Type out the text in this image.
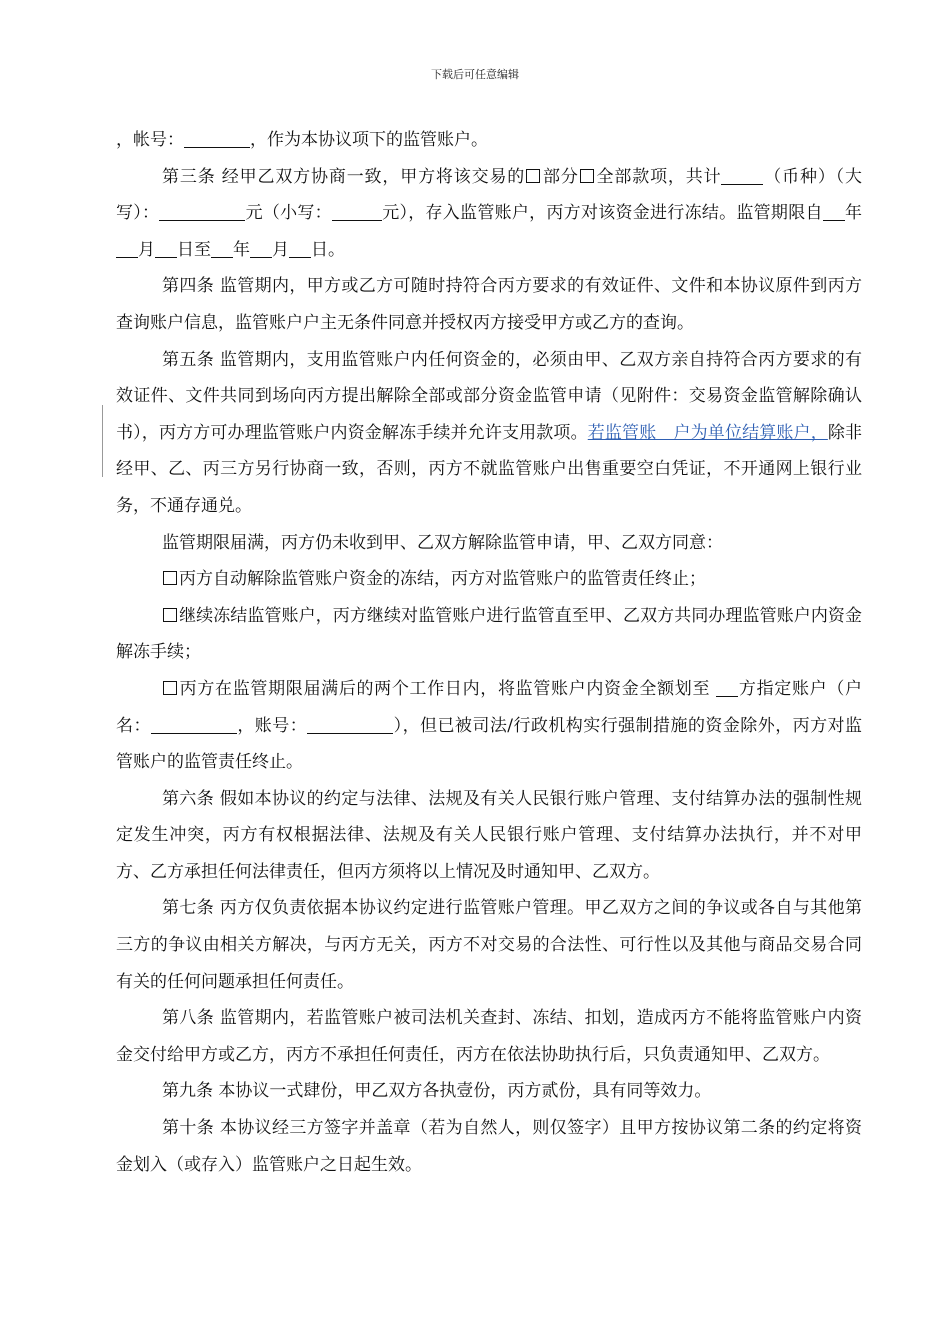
下载后可任意编辑

，帐号：	，作为本协议项下的监管账户。

第三条 经甲乙双方协商一致，甲方将该交易的 部分 全部款项，共计 （币种）（大写）：	元（小写：	元），存入监管账户，丙方对该资金进行冻结。监管期限自 年月 日至 年 月 日。

第四条 监管期内，甲方或乙方可随时持符合丙方要求的有效证件、文件和本协议原件到丙方查询账户信息，监管账户户主无条件同意并授权丙方接受甲方或乙方的查询。

第五条 监管期内，支用监管账户内任何资金的，必须由甲、乙双方亲自持符合丙方要求的有效证件、文件共同到场向丙方提出解除全部或部分资金监管申请（见附件：交易资金监管解除确认书），丙方方可办理监管账户内资金解冻手续并允许支用款项。若监管账　户为单位结算账户，除非经甲、乙、丙三方另行协商一致，否则，丙方不就监管账户出售重要空白凭证，不开通网上银行业务，不通存通兑。

监管期限届满，丙方仍未收到甲、乙双方解除监管申请，甲、乙双方同意：

丙方自动解除监管账户资金的冻结，丙方对监管账户的监管责任终止；

继续冻结监管账户，丙方继续对监管账户进行监管直至甲、乙双方共同办理监管账户内资金解冻手续；

丙方在监管期限届满后的两个工作日内，将监管账户内资金全额划至 方指定账户（户名：	，账号：	），但已被司法/行政机构实行强制措施的资金除外，丙方对监管账户的监管责任终止。

第六条 假如本协议的约定与法律、法规及有关人民银行账户管理、支付结算办法的强制性规定发生冲突，丙方有权根据法律、法规及有关人民银行账户管理、支付结算办法执行，并不对甲方、乙方承担任何法律责任，但丙方须将以上情况及时通知甲、乙双方。

第七条 丙方仅负责依据本协议约定进行监管账户管理。甲乙双方之间的争议或各自与其他第三方的争议由相关方解决，与丙方无关，丙方不对交易的合法性、可行性以及其他与商品交易合同有关的任何问题承担任何责任。

第八条 监管期内，若监管账户被司法机关查封、冻结、扣划，造成丙方不能将监管账户内资金交付给甲方或乙方，丙方不承担任何责任，丙方在依法协助执行后，只负责通知甲、乙双方。

第九条 本协议一式肆份，甲乙双方各执壹份，丙方贰份，具有同等效力。

第十条 本协议经三方签字并盖章（若为自然人，则仅签字）且甲方按协议第二条的约定将资金划入（或存入）监管账户之日起生效。
